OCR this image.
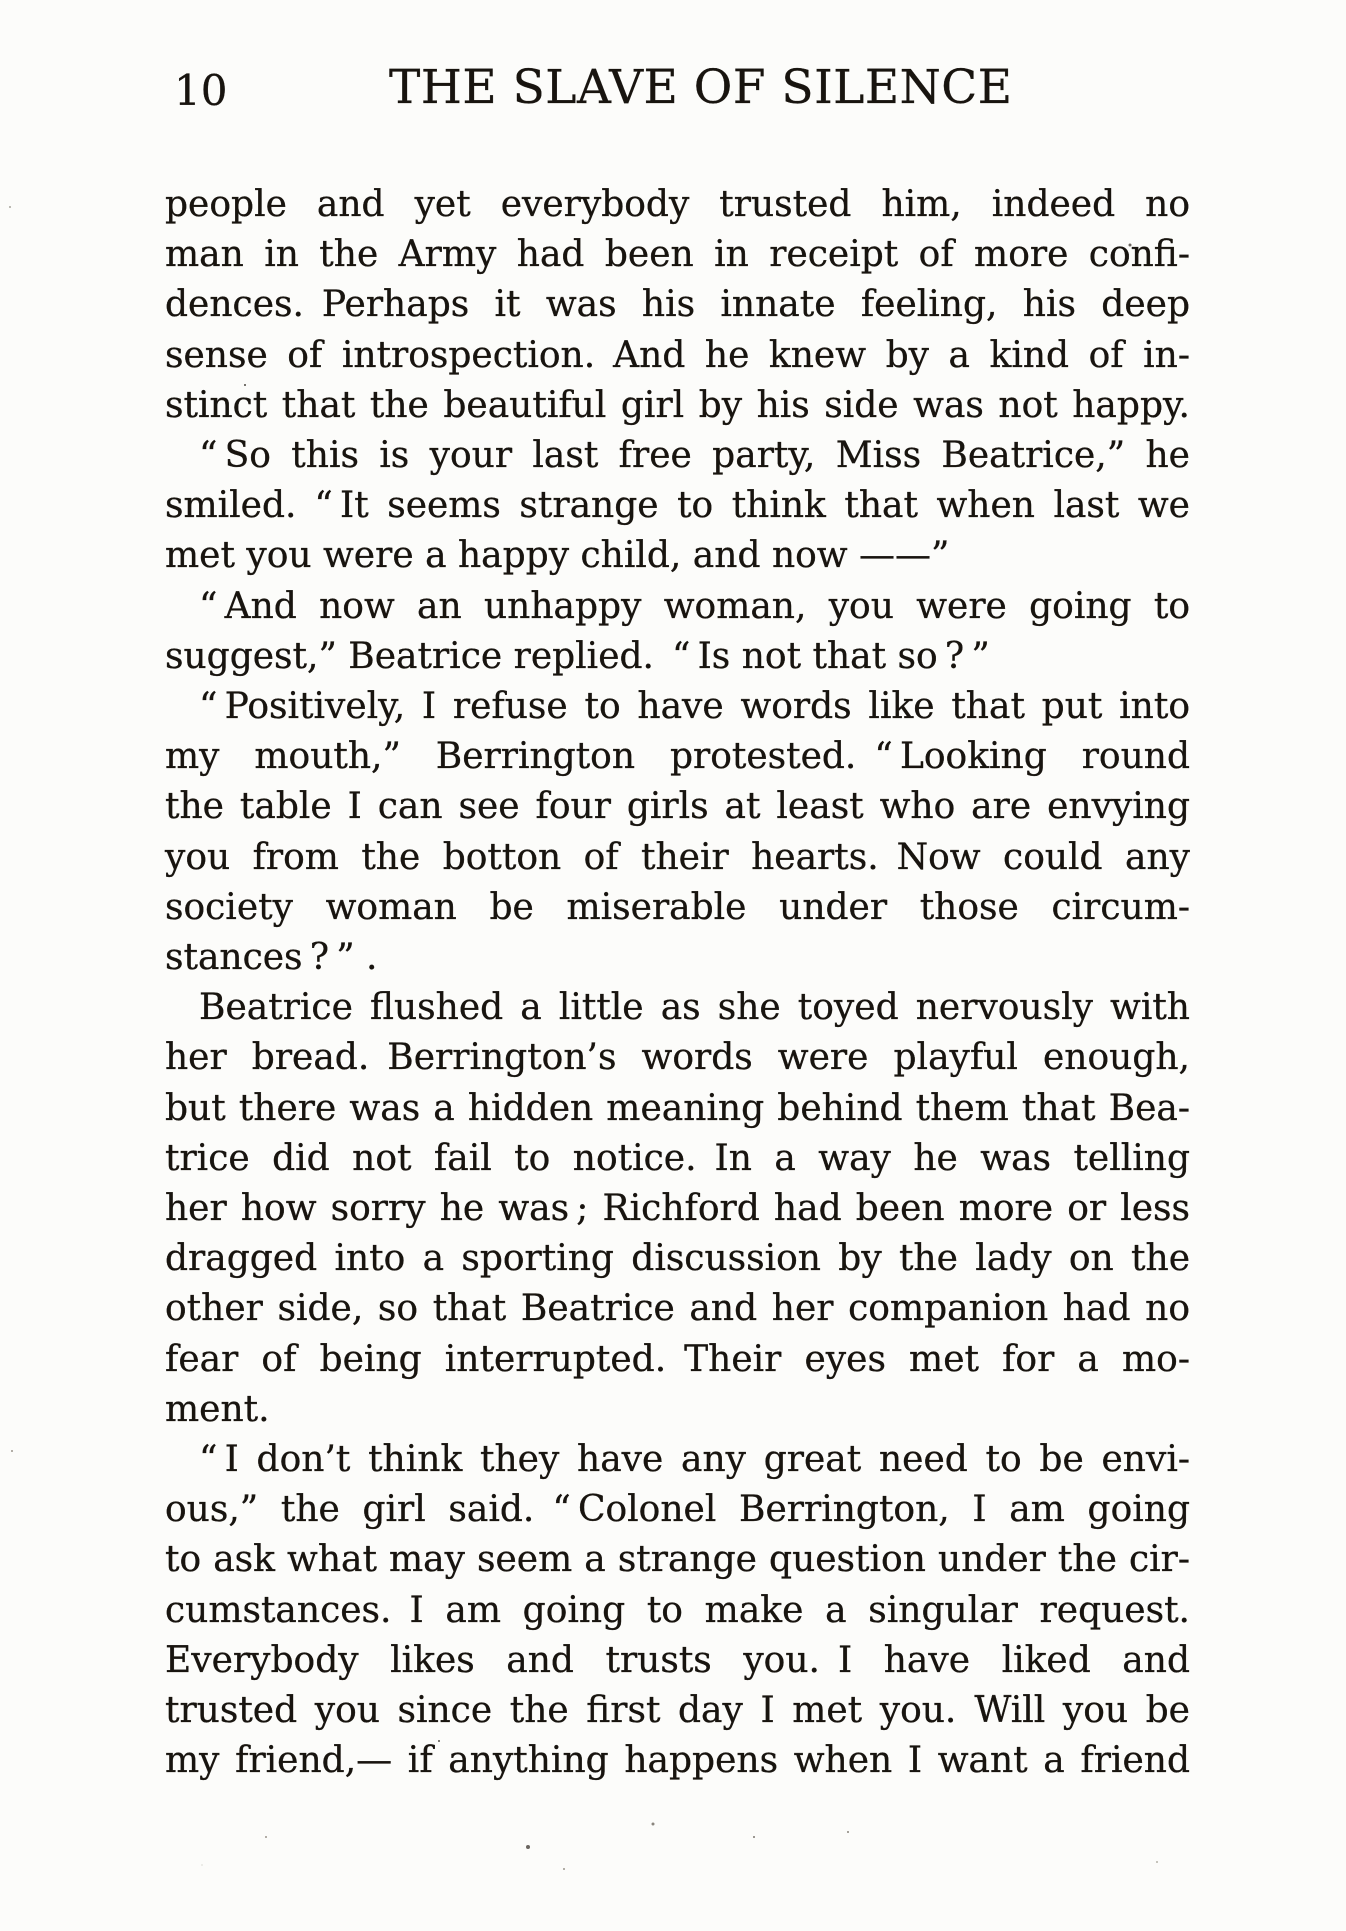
10	THE SLAVE OF SILENCE
people and yet everybody trusted him, indeed no
man in the Army had been in receipt of more confi-
dences. Perhaps it was his innate feeling, his deep
sense of introspection. And he knew by a kind of in-
stinct that the beautiful girl by his side was not happy.
“ So this is your last free party, Miss Beatrice,” he
smiled. “ It seems strange to think that when last we
met you were a happy child, and now ——”
“ And now an unhappy woman, you were going to
suggest,” Beatrice replied. “ Is not that so ? ”
“ Positively, I refuse to have words like that put into
my mouth,” Berrington protested. “ Looking round
the table I can see four girls at least who are envying
you from the botton of their hearts. Now could any
society woman be miserable under those circum-
stances ? ” .
Beatrice flushed a little as she toyed nervously with
her bread. Berrington’s words were playful enough,
but there was a hidden meaning behind them that Bea-
trice did not fail to notice. In a way he was telling
her how sorry he was ; Richford had been more or less
dragged into a sporting discussion by the lady on the
other side, so that Beatrice and her companion had no
fear of being interrupted. Their eyes met for a mo-
ment.
“ I don’t think they have any great need to be envi-
ous,” the girl said. “ Colonel Berrington, I am going
to ask what may seem a strange question under the cir-
cumstances. I am going to make a singular request.
Everybody likes and trusts you. I have liked and
trusted you since the first day I met you. Will you be
my friend,— if anything happens when I want a friend
